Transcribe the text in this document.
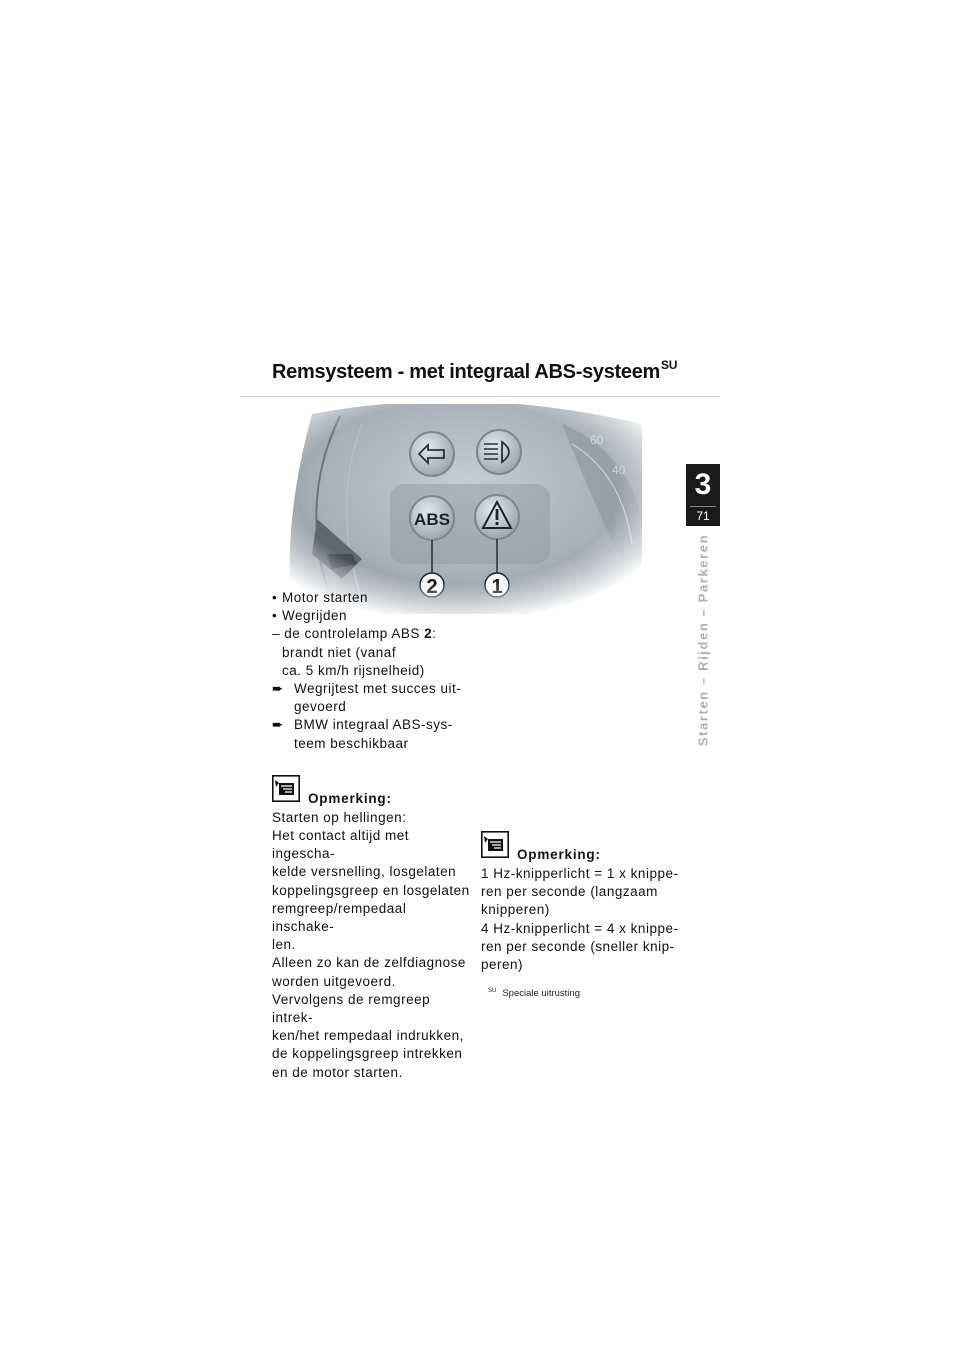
Remsysteem - met integraal ABS-systeem$^{SU}$
3
71
Starten – Rijden – Parkeren

• Motor starten

• Wegrijden

– de controlelamp ABS 2:

brandt niet (vanaf

ca. 5 km/h rijsnelheid)

➨ Wegrijtest met succes uit-

gevoerd

➨ BMW integraal ABS-sys-

teem beschikbaar

Opmerking:

Starten op hellingen:

Het contact altijd met ingescha-

kelde versnelling, losgelaten

koppelingsgreep en losgelaten

remgreep/rempedaal inschake-

len.

Alleen zo kan de zelfdiagnose

worden uitgevoerd.

Vervolgens de remgreep intrek-

ken/het rempedaal indrukken,

de koppelingsgreep intrekken

en de motor starten.

Opmerking:

1 Hz-knipperlicht = 1 x knippe-

ren per seconde (langzaam

knipperen)

4 Hz-knipperlicht = 4 x knippe-

ren per seconde (sneller knip-

peren)

$^{SU}$ Speciale uitrusting
